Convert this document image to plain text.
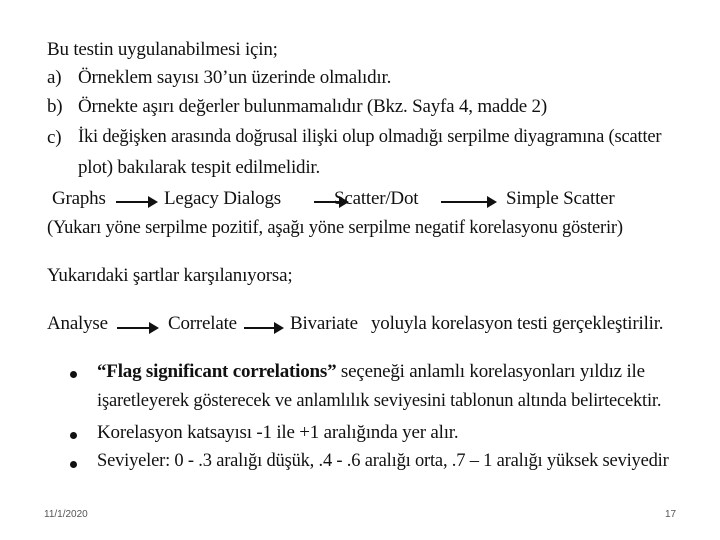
Bu testin uygulanabilmesi için;
a) Örneklem sayısı 30’un üzerinde olmalıdır.
b) Örnekte aşırı değerler bulunmamalıdır (Bkz. Sayfa 4, madde 2)
c) İki değişken arasında doğrusal ilişki olup olmadığı serpilme diyagramına (scatter
plot) bakılarak tespit edilmelidir.
Graphs	Legacy Dialogs	Scatter/Dot	Simple Scatter
(Yukarı yöne serpilme pozitif, aşağı yöne serpilme negatif korelasyonu gösterir)
Yukarıdaki şartlar karşılanıyorsa;
Analyse	Correlate	Bivariate yoluyla korelasyon testi gerçekleştirilir.
“Flag significant correlations” seçeneği anlamlı korelasyonları yıldız ile
işaretleyerek gösterecek ve anlamlılık seviyesini tablonun altında belirtecektir.
Korelasyon katsayısı -1 ile +1 aralığında yer alır.
Seviyeler: 0 - .3 aralığı düşük, .4 - .6 aralığı orta, .7 – 1 aralığı yüksek seviyedir
11/1/2020	17
